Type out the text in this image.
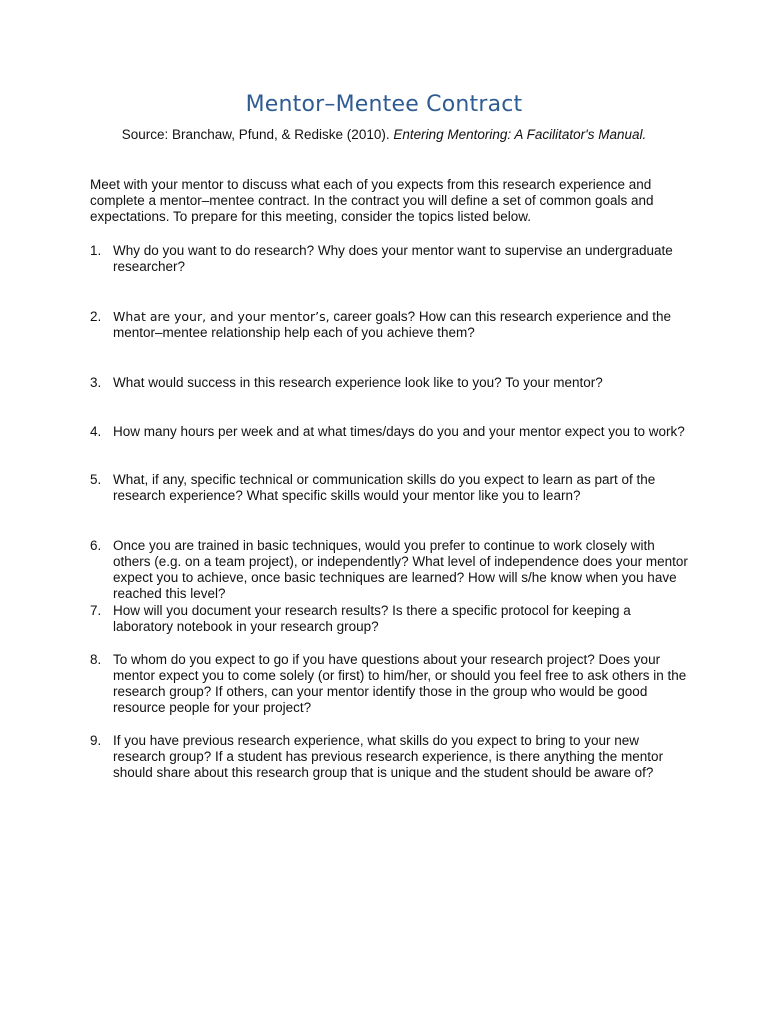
Mentor–Mentee Contract
Source: Branchaw, Pfund, & Rediske (2010). Entering Mentoring: A Facilitator's Manual.
Meet with your mentor to discuss what each of you expects from this research experience and complete a mentor–mentee contract. In the contract you will define a set of common goals and expectations. To prepare for this meeting, consider the topics listed below.
1. Why do you want to do research? Why does your mentor want to supervise an undergraduate researcher?
2. What are your, and your mentor’s, career goals? How can this research experience and the mentor–mentee relationship help each of you achieve them?
3. What would success in this research experience look like to you? To your mentor?
4. How many hours per week and at what times/days do you and your mentor expect you to work?
5. What, if any, specific technical or communication skills do you expect to learn as part of the research experience? What specific skills would your mentor like you to learn?
6. Once you are trained in basic techniques, would you prefer to continue to work closely with others (e.g. on a team project), or independently? What level of independence does your mentor expect you to achieve, once basic techniques are learned? How will s/he know when you have reached this level?
7. How will you document your research results? Is there a specific protocol for keeping a laboratory notebook in your research group?
8. To whom do you expect to go if you have questions about your research project? Does your mentor expect you to come solely (or first) to him/her, or should you feel free to ask others in the research group? If others, can your mentor identify those in the group who would be good resource people for your project?
9. If you have previous research experience, what skills do you expect to bring to your new research group? If a student has previous research experience, is there anything the mentor should share about this research group that is unique and the student should be aware of?
